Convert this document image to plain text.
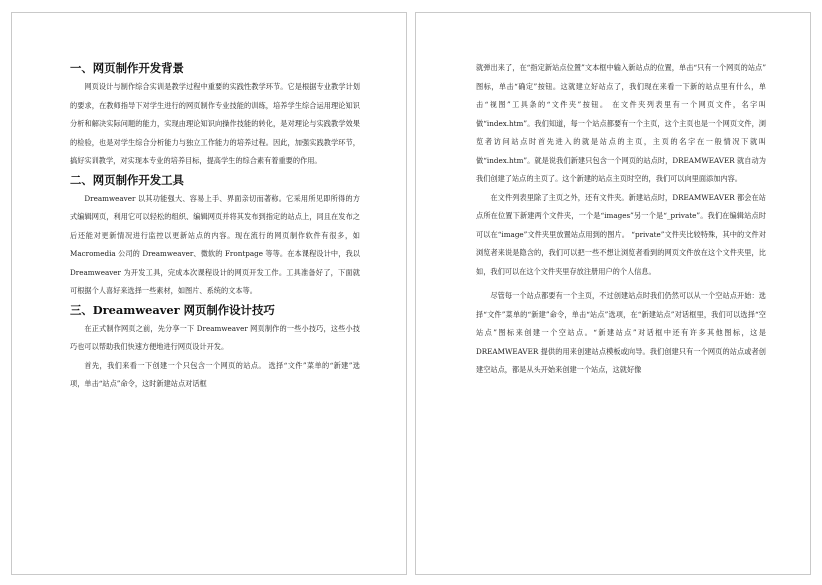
一、网页制作开发背景

网页设计与制作综合实训是教学过程中重要的实践性教学环节。它是根据专业教学计划的要求，在教师指导下对学生进行的网页制作专业技能的训练，培养学生综合运用理论知识分析和解决实际问题的能力，实现由理论知识向操作技能的转化，是对理论与实践教学效果的检验，也是对学生综合分析能力与独立工作能力的培养过程。因此，加强实践教学环节，搞好实训教学，对实现本专业的培养目标，提高学生的综合素有着重要的作用。

二、网页制作开发工具

Dreamweaver 以其功能强大、容易上手、界面亲切而著称。它采用所见即所得的方式编辑网页，利用它可以轻松的组织、编辑网页并将其发布到指定的站点上，同且在发布之后还能对更新情况进行监控以更新站点的内容。现在流行的网页制作软件有很多，如 Macromedia 公司的 Dreamweaver、微软的 Frontpage 等等。在本课程设计中，我以 Dreamweaver 为开发工具，完成本次课程设计的网页开发工作。工具准备好了，下面就可根据个人喜好来选择一些素材，如图片、系统的文本等。

三、Dreamweaver 网页制作设计技巧

在正式制作网页之前，先分享一下 Dreamweaver 网页制作的一些小技巧，这些小技巧也可以帮助我们快速方便地进行网页设计开发。

首先，我们来看一下创建一个只包含一个网页的站点。 选择“文件”菜单的“新建”选项，单击“站点”命令，这时新建站点对话框

就弹出来了，在“指定新站点位置”文本框中输入新站点的位置，单击“只有一个网页的站点” 图标，单击“确定”按钮。这就建立好站点了，我们现在来看一下新的站点里有什么，单击“视图”工具条的“文件夹”按钮。 在文件夹列表里有一个网页文件，名字叫做“index.htm”。我们知道，每一个站点都要有一个主页，这个主页也是一个网页文件，浏览者访问站点时首先进入的就是站点的主页，主页的名字在一般情况下就叫做“index.htm”。就是说我们新建只包含一个网页的站点时，DREAMWEAVER 就自动为我们创建了站点的主页了。这个新建的站点主页时空的，我们可以向里面添加内容。

在文件列表里除了主页之外，还有文件夹。新建站点时，DREAMWEAVER 都会在站点所在位置下新建两个文件夹，一个是“images”另一个是“_private”。我们在编辑站点时可以在“image”文件夹里放置站点用到的图片。 “private”文件夹比较特殊，其中的文件对浏览者来说是隐含的，我们可以把一些不想让浏览者看到的网页文件放在这个文件夹里，比如，我们可以在这个文件夹里存放注册用户的个人信息。

尽管每一个站点都要有一个主页，不过创建站点时我们仍然可以从一个空站点开始：选择“文件”菜单的“新建”命令，单击“站点”选项，在“新建站点”对话框里，我们可以选择“空站点”图标来创建一个空站点。“新建站点”对话框中还有许多其他图标，这是 DREAMWEAVER 提供的用来创建站点模板或向导。我们创建只有一个网页的站点或者创建空站点，都是从头开始来创建一个站点，这就好像
